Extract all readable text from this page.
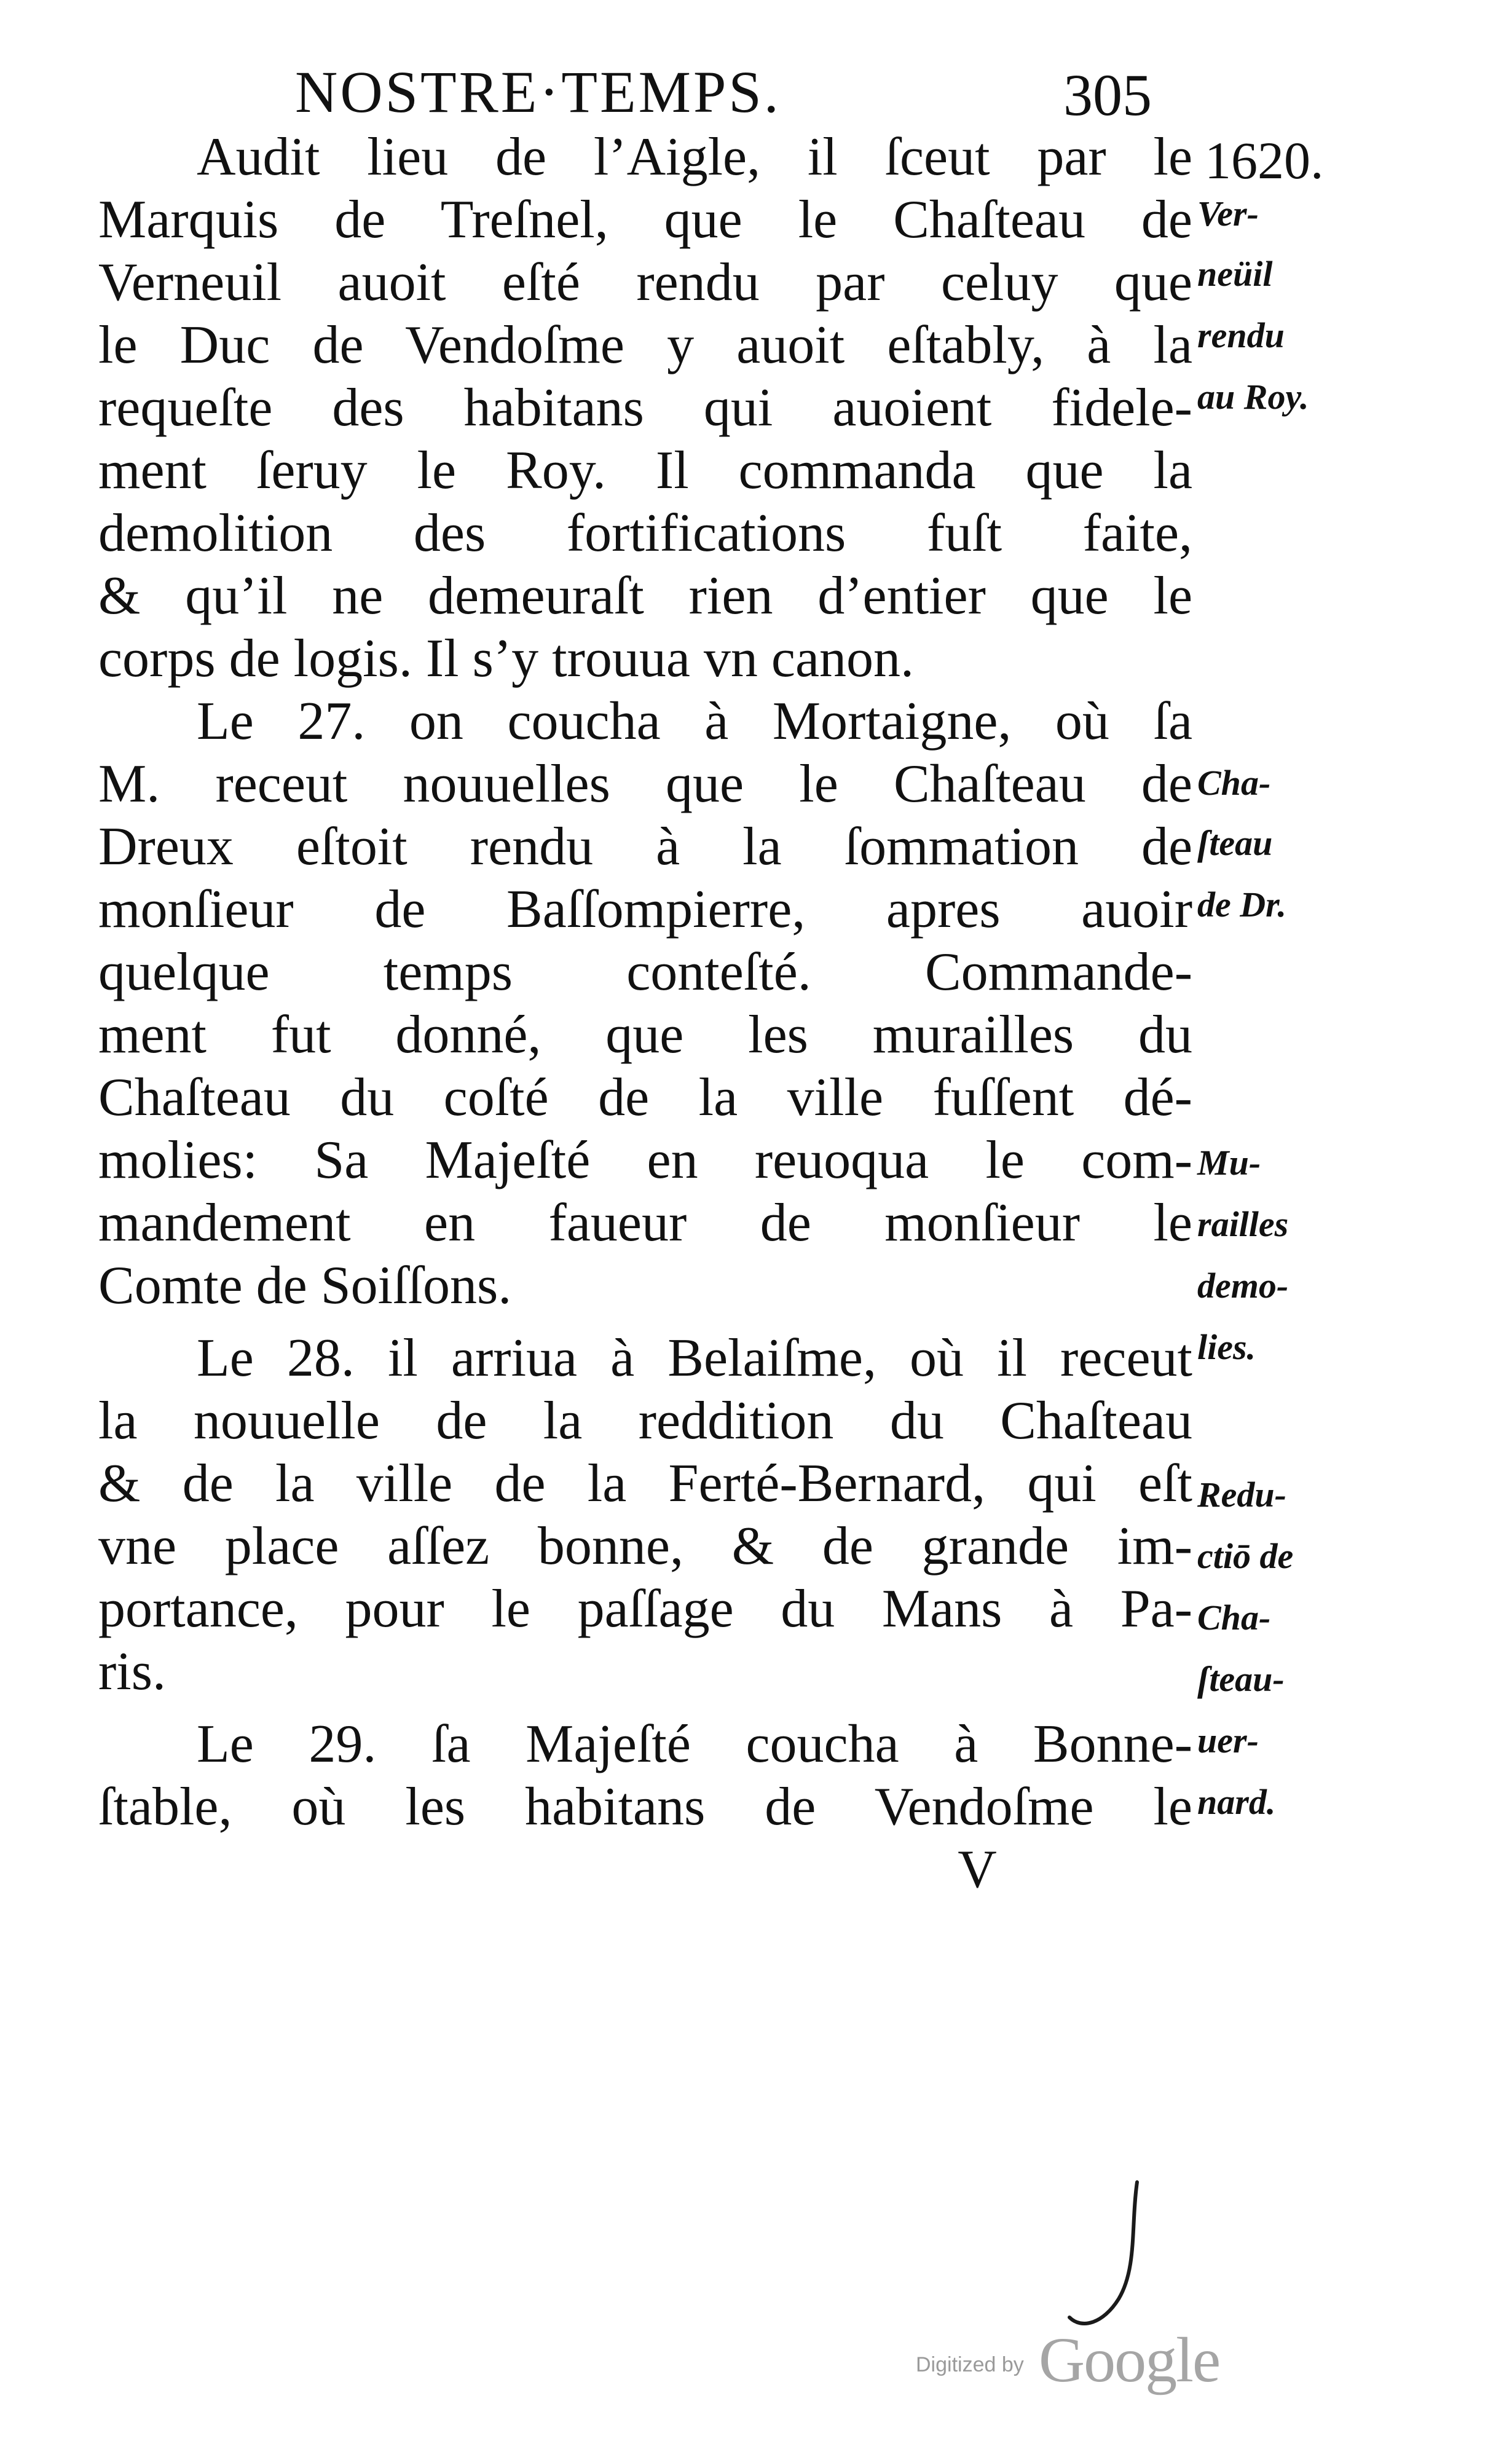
NOSTRE·TEMPS.	305
1620.
Audit lieu de l’Aigle, il ſceut par le
Marquis de Treſnel, que le Chaſteau de
Verneuil auoit eſté rendu par celuy que
le Duc de Vendoſme y auoit eſtably, à la
requeſte des habitans qui auoient fidele-
ment ſeruy le Roy. Il commanda que la
demolition des fortifications fuſt faite,
& qu’il ne demeuraſt rien d’entier que le
corps de logis. Il s’y trouua vn canon.
Le 27. on coucha à Mortaigne, où ſa
M. receut nouuelles que le Chaſteau de
Dreux eſtoit rendu à la ſommation de
monſieur de Baſſompierre, apres auoir
quelque temps conteſté. Commande-
ment fut donné, que les murailles du
Chaſteau du coſté de la ville fuſſent dé-
molies: Sa Majeſté en reuoqua le com-
mandement en faueur de monſieur le
Comte de Soiſſons.
Le 28. il arriua à Belaiſme, où il receut
la nouuelle de la reddition du Chaſteau
& de la ville de la Ferté-Bernard, qui eſt
vne place aſſez bonne, & de grande im-
portance, pour le paſſage du Mans à Pa-
ris.
Le 29. ſa Majeſté coucha à Bonne-
ſtable, où les habitans de Vendoſme le
V
Ver-
neüil
rendu
au Roy.
Cha-
ſteau
de Dr.
Mu-
railles
demo-
lies.
Redu-
ctiō de
Cha-
ſteau-
uer-
nard.
Digitized by Google
